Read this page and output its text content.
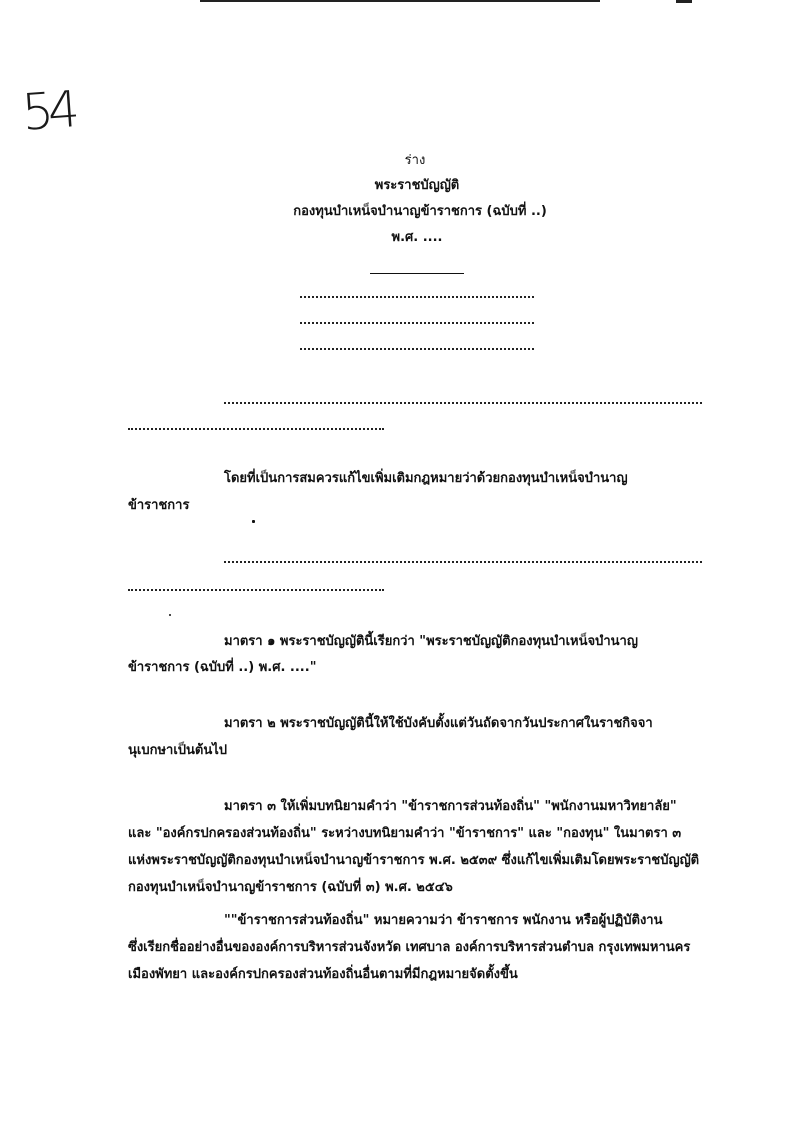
54
ร่าง
พระราชบัญญัติ
กองทุนบำเหน็จบำนาญข้าราชการ (ฉบับที่ ..)
พ.ศ. ....
โดยที่เป็นการสมควรแก้ไขเพิ่มเติมกฎหมายว่าด้วยกองทุนบำเหน็จบำนาญ
ข้าราชการ
มาตรา ๑ พระราชบัญญัตินี้เรียกว่า "พระราชบัญญัติกองทุนบำเหน็จบำนาญ
ข้าราชการ (ฉบับที่ ..) พ.ศ. ...."
มาตรา ๒ พระราชบัญญัตินี้ให้ใช้บังคับตั้งแต่วันถัดจากวันประกาศในราชกิจจา
นุเบกษาเป็นต้นไป
มาตรา ๓ ให้เพิ่มบทนิยามคำว่า "ข้าราชการส่วนท้องถิ่น" "พนักงานมหาวิทยาลัย"
และ "องค์กรปกครองส่วนท้องถิ่น" ระหว่างบทนิยามคำว่า "ข้าราชการ" และ "กองทุน" ในมาตรา ๓
แห่งพระราชบัญญัติกองทุนบำเหน็จบำนาญข้าราชการ พ.ศ. ๒๕๓๙ ซึ่งแก้ไขเพิ่มเติมโดยพระราชบัญญัติ
กองทุนบำเหน็จบำนาญข้าราชการ (ฉบับที่ ๓) พ.ศ. ๒๕๔๖
""ข้าราชการส่วนท้องถิ่น" หมายความว่า ข้าราชการ พนักงาน หรือผู้ปฏิบัติงาน
ซึ่งเรียกชื่ออย่างอื่นขององค์การบริหารส่วนจังหวัด เทศบาล องค์การบริหารส่วนตำบล กรุงเทพมหานคร
เมืองพัทยา และองค์กรปกครองส่วนท้องถิ่นอื่นตามที่มีกฎหมายจัดตั้งขึ้น
